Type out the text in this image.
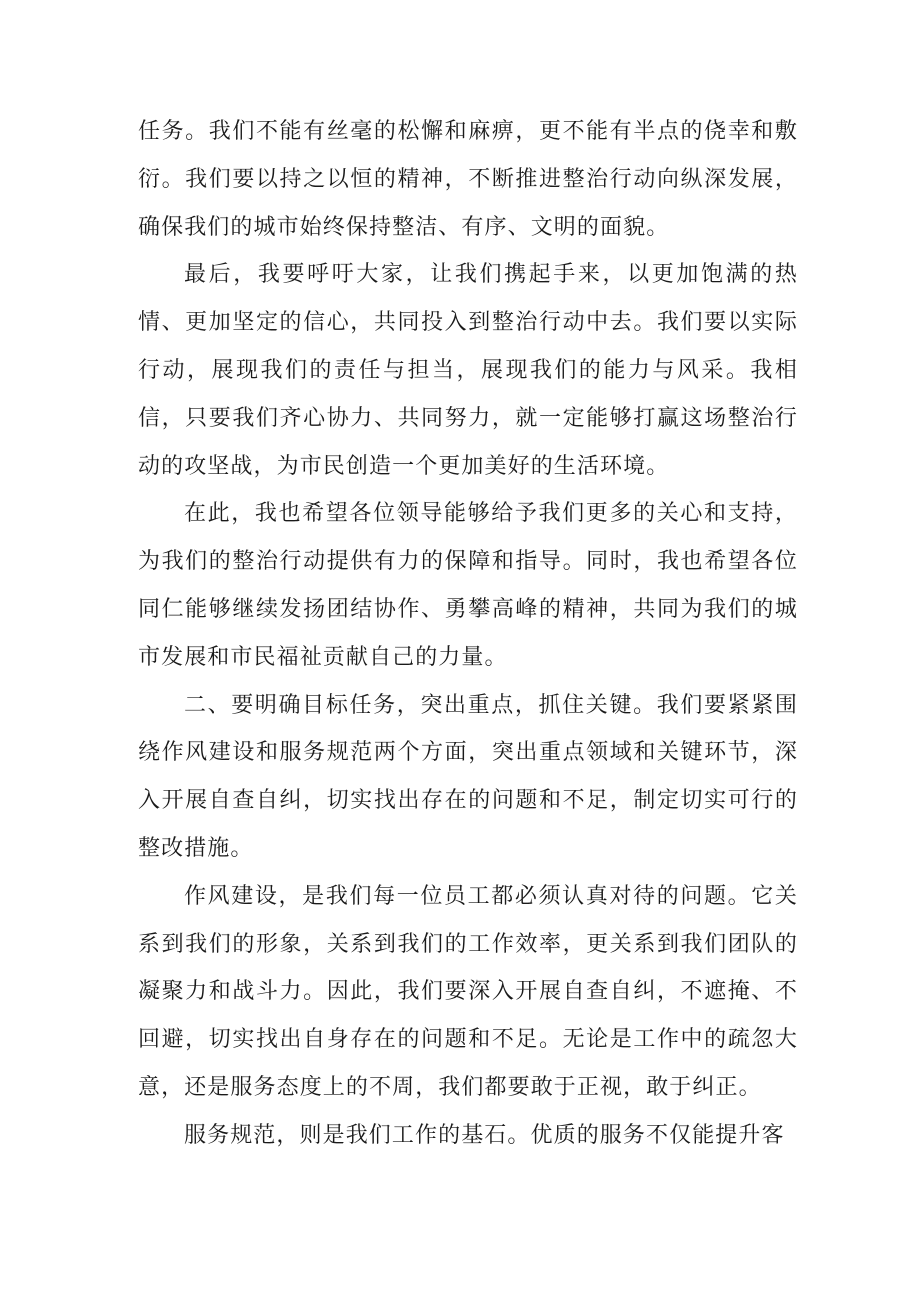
任务。我们不能有丝毫的松懈和麻痹，更不能有半点的侥幸和敷衍。我们要以持之以恒的精神，不断推进整治行动向纵深发展，确保我们的城市始终保持整洁、有序、文明的面貌。

最后，我要呼吁大家，让我们携起手来，以更加饱满的热情、更加坚定的信心，共同投入到整治行动中去。我们要以实际行动，展现我们的责任与担当，展现我们的能力与风采。我相信，只要我们齐心协力、共同努力，就一定能够打赢这场整治行动的攻坚战，为市民创造一个更加美好的生活环境。

在此，我也希望各位领导能够给予我们更多的关心和支持，为我们的整治行动提供有力的保障和指导。同时，我也希望各位同仁能够继续发扬团结协作、勇攀高峰的精神，共同为我们的城市发展和市民福祉贡献自己的力量。

二、要明确目标任务，突出重点，抓住关键。我们要紧紧围绕作风建设和服务规范两个方面，突出重点领域和关键环节，深入开展自查自纠，切实找出存在的问题和不足，制定切实可行的整改措施。

作风建设，是我们每一位员工都必须认真对待的问题。它关系到我们的形象，关系到我们的工作效率，更关系到我们团队的凝聚力和战斗力。因此，我们要深入开展自查自纠，不遮掩、不回避，切实找出自身存在的问题和不足。无论是工作中的疏忽大意，还是服务态度上的不周，我们都要敢于正视，敢于纠正。

服务规范，则是我们工作的基石。优质的服务不仅能提升客
